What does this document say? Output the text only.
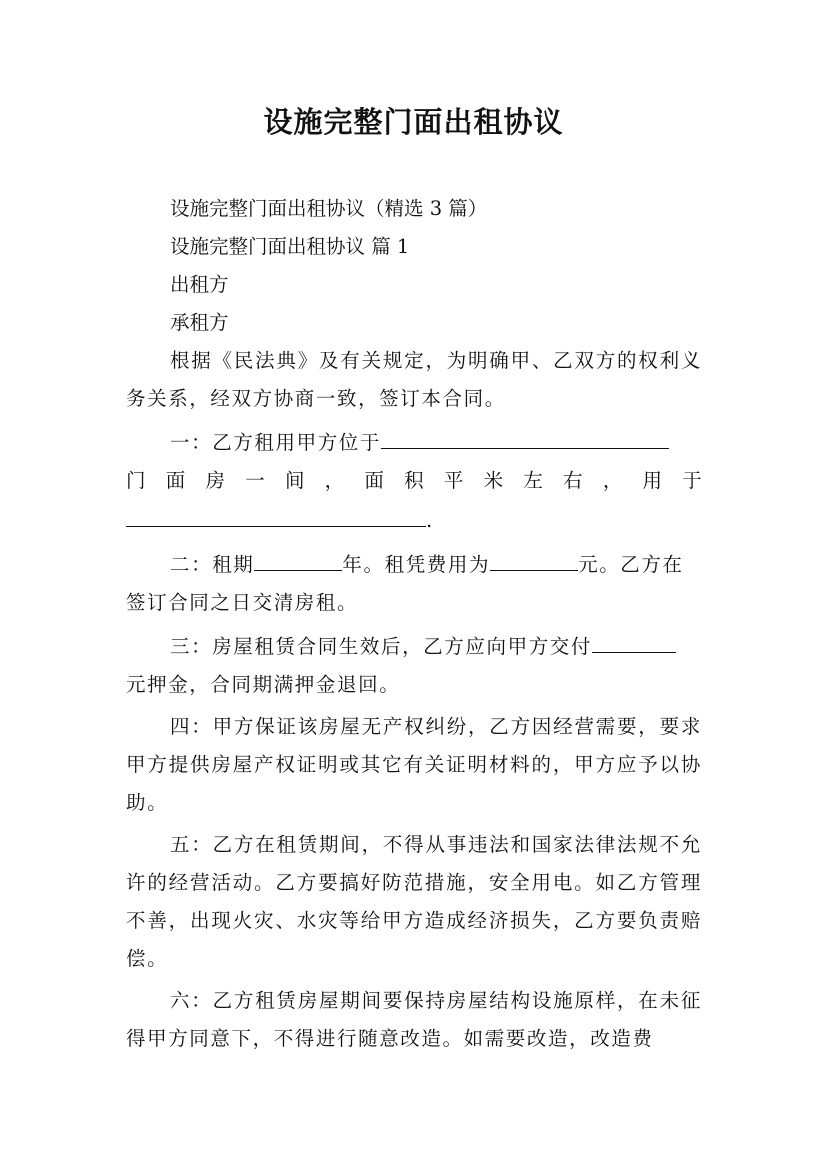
设施完整门面出租协议

设施完整门面出租协议（精选 3 篇）

设施完整门面出租协议 篇 1

出租方

承租方

根据《民法典》及有关规定，为明确甲、乙双方的权利义务关系，经双方协商一致，签订本合同。

一：乙方租用甲方位于

门 面 房 一 间 ， 面 积 平 米 左 右 ， 用 于

.

二：租期	年。租凭费用为	元。乙方在

签订合同之日交清房租。

三：房屋租赁合同生效后，乙方应向甲方交付

元押金，合同期满押金退回。

四：甲方保证该房屋无产权纠纷，乙方因经营需要，要求甲方提供房屋产权证明或其它有关证明材料的，甲方应予以协助。

五：乙方在租赁期间，不得从事违法和国家法律法规不允许的经营活动。乙方要搞好防范措施，安全用电。如乙方管理不善，出现火灾、水灾等给甲方造成经济损失，乙方要负责赔偿。

六：乙方租赁房屋期间要保持房屋结构设施原样，在未征得甲方同意下，不得进行随意改造。如需要改造，改造费
